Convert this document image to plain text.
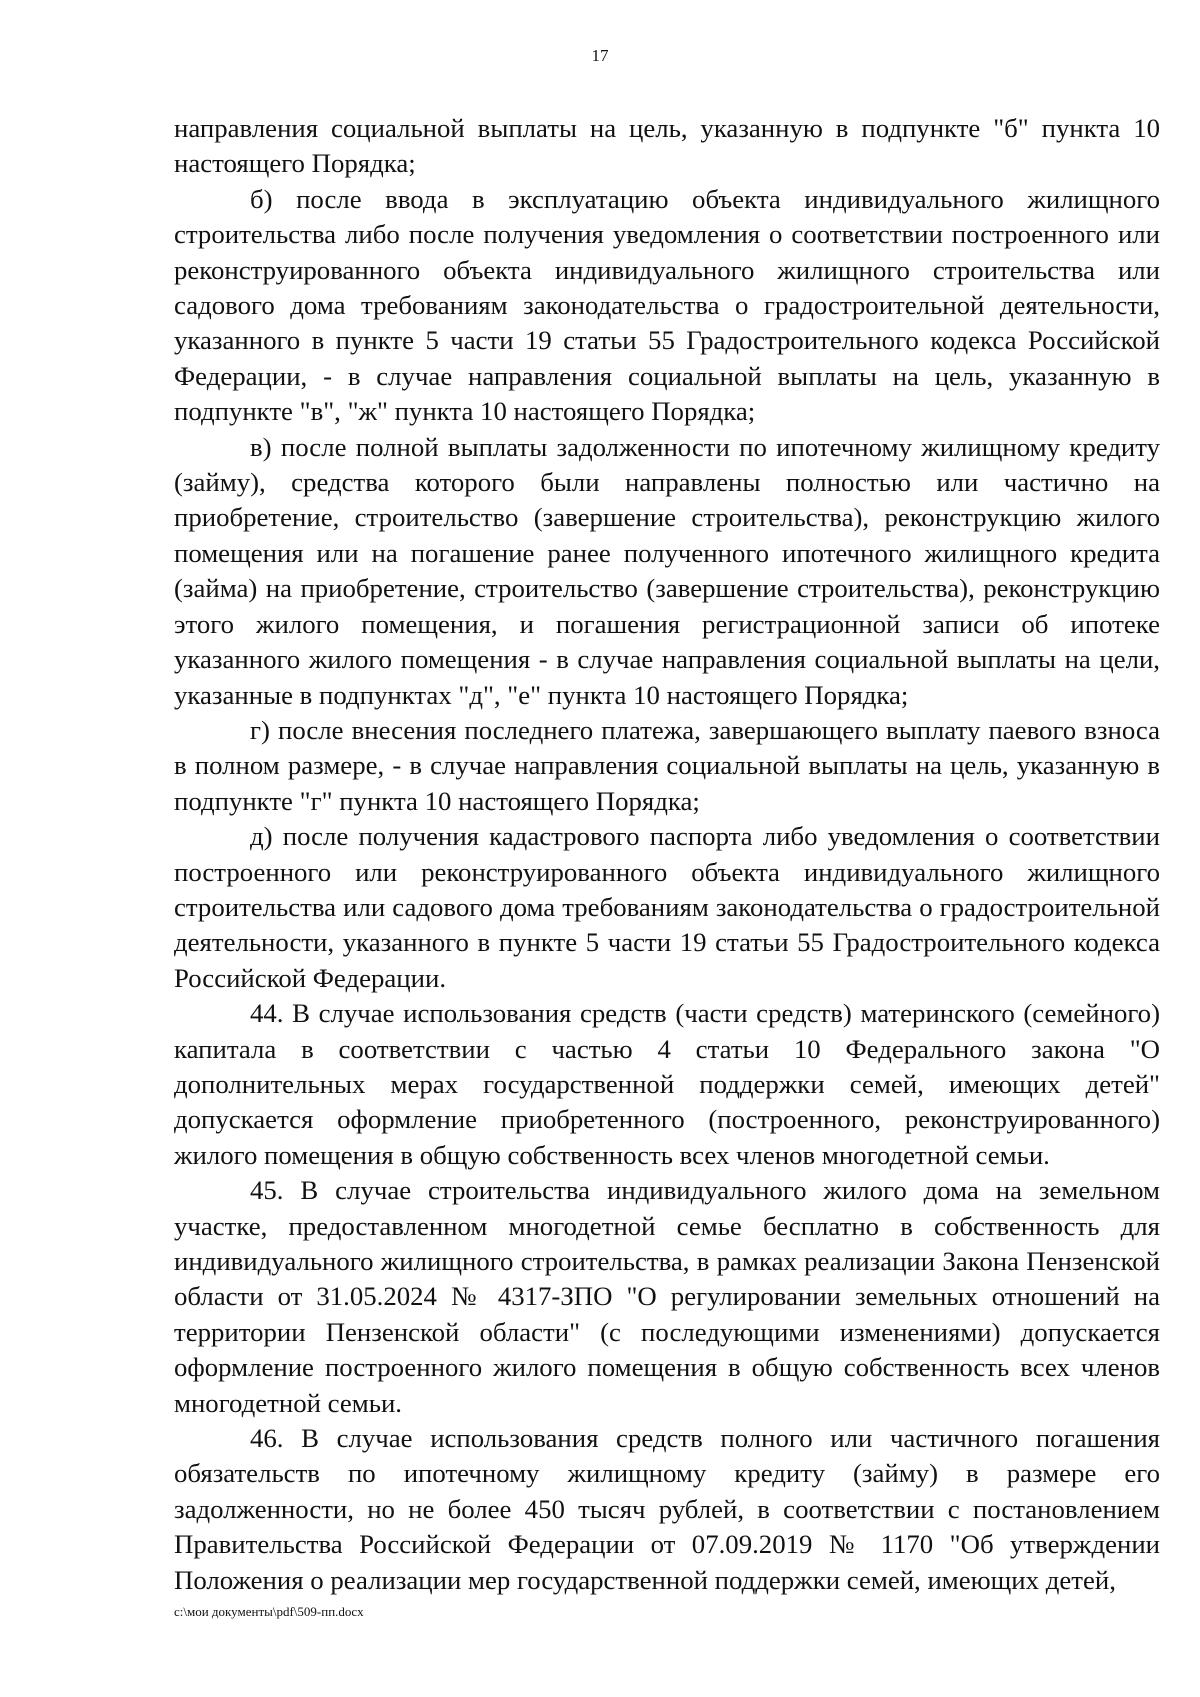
17

направления социальной выплаты на цель, указанную в подпункте "б" пункта 10 настоящего Порядка;

б) после ввода в эксплуатацию объекта индивидуального жилищного строительства либо после получения уведомления о соответствии построенного или реконструированного объекта индивидуального жилищного строительства или садового дома требованиям законодательства о градостроительной деятельности, указанного в пункте 5 части 19 статьи 55 Градостроительного кодекса Российской Федерации, - в случае направления социальной выплаты на цель, указанную в подпункте "в", "ж" пункта 10 настоящего Порядка;

в) после полной выплаты задолженности по ипотечному жилищному кредиту (займу), средства которого были направлены полностью или частично на приобретение, строительство (завершение строительства), реконструкцию жилого помещения или на погашение ранее полученного ипотечного жилищного кредита (займа) на приобретение, строительство (завершение строительства), реконструкцию этого жилого помещения, и погашения регистрационной записи об ипотеке указанного жилого помещения - в случае направления социальной выплаты на цели, указанные в подпунктах "д", "е" пункта 10 настоящего Порядка;

г) после внесения последнего платежа, завершающего выплату паевого взноса в полном размере, - в случае направления социальной выплаты на цель, указанную в подпункте "г" пункта 10 настоящего Порядка;

д) после получения кадастрового паспорта либо уведомления о соответствии построенного или реконструированного объекта индивидуального жилищного строительства или садового дома требованиям законодательства о градостроительной деятельности, указанного в пункте 5 части 19 статьи 55 Градостроительного кодекса Российской Федерации.

44. В случае использования средств (части средств) материнского (семейного) капитала в соответствии с частью 4 статьи 10 Федерального закона "О дополнительных мерах государственной поддержки семей, имеющих детей" допускается оформление приобретенного (построенного, реконструированного) жилого помещения в общую собственность всех членов многодетной семьи.

45. В случае строительства индивидуального жилого дома на земельном участке, предоставленном многодетной семье бесплатно в собственность для индивидуального жилищного строительства, в рамках реализации Закона Пензенской области от 31.05.2024 № 4317-ЗПО "О регулировании земельных отношений на территории Пензенской области" (с последующими изменениями) допускается оформление построенного жилого помещения в общую собственность всех членов многодетной семьи.

46. В случае использования средств полного или частичного погашения обязательств по ипотечному жилищному кредиту (займу) в размере его задолженности, но не более 450 тысяч рублей, в соответствии с постановлением Правительства Российской Федерации от 07.09.2019 № 1170 "Об утверждении Положения о реализации мер государственной поддержки семей, имеющих детей,

c:\мои документы\pdf\509-пп.docx
